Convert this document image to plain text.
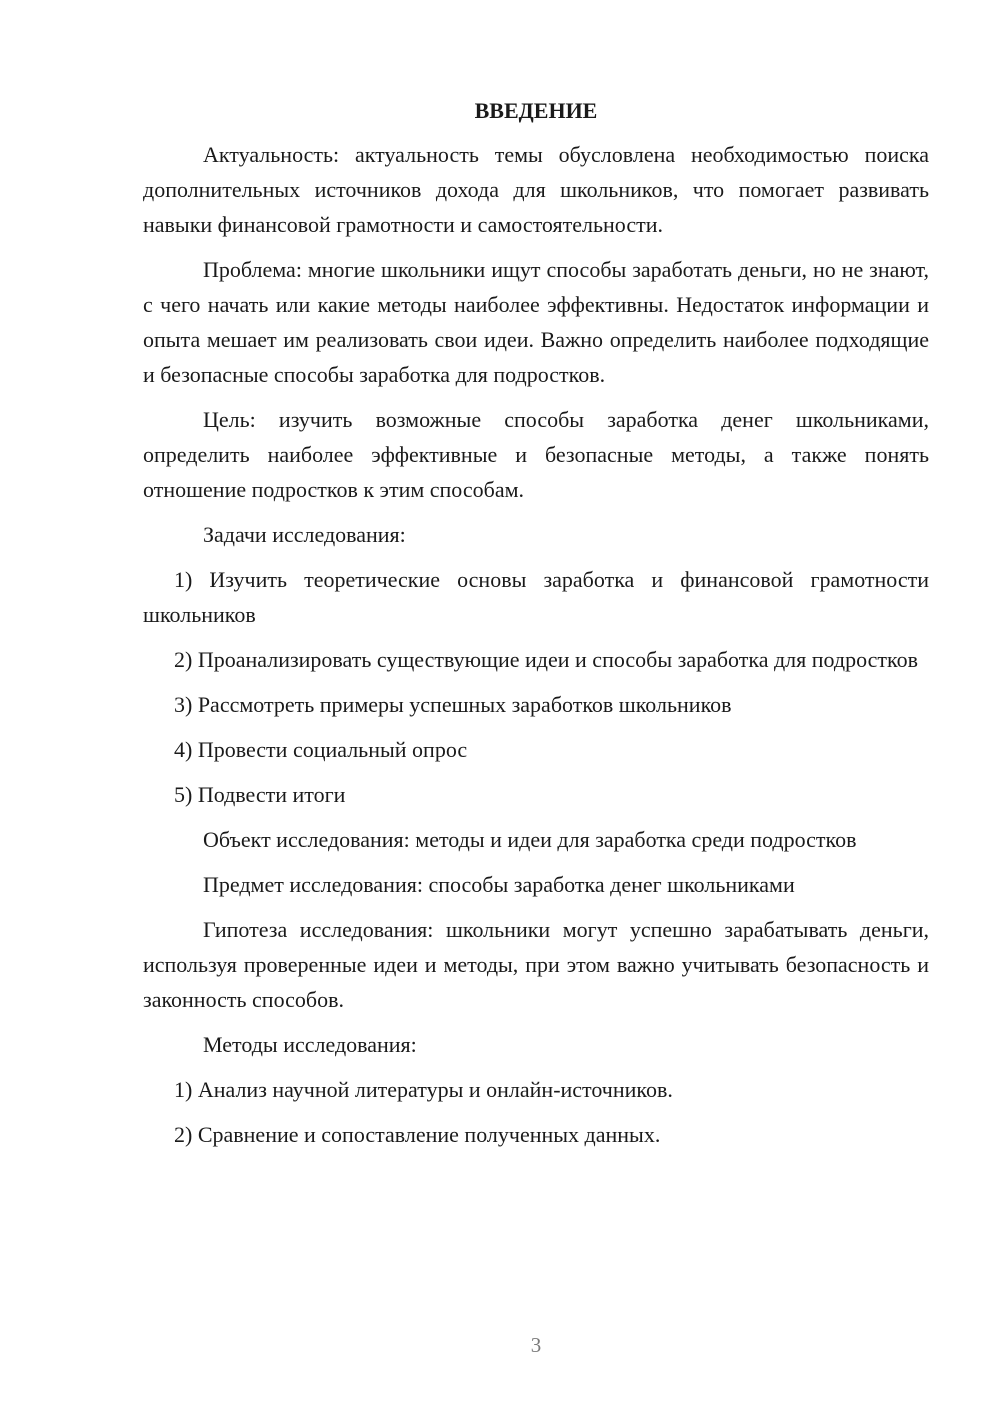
ВВЕДЕНИЕ

Актуальность: актуальность темы обусловлена необходимостью поиска дополнительных источников дохода для школьников, что помогает развивать навыки финансовой грамотности и самостоятельности.

Проблема: многие школьники ищут способы заработать деньги, но не знают, с чего начать или какие методы наиболее эффективны. Недостаток информации и опыта мешает им реализовать свои идеи. Важно определить наиболее подходящие и безопасные способы заработка для подростков.

Цель: изучить возможные способы заработка денег школьниками, определить наиболее эффективные и безопасные методы, а также понять отношение подростков к этим способам.

Задачи исследования:

1) Изучить теоретические основы заработка и финансовой грамотности школьников

2) Проанализировать существующие идеи и способы заработка для подростков

3) Рассмотреть примеры успешных заработков школьников

4) Провести социальный опрос

5) Подвести итоги

Объект исследования: методы и идеи для заработка среди подростков

Предмет исследования: способы заработка денег школьниками

Гипотеза исследования: школьники могут успешно зарабатывать деньги, используя проверенные идеи и методы, при этом важно учитывать безопасность и законность способов.

Методы исследования:

1) Анализ научной литературы и онлайн-источников.

2) Сравнение и сопоставление полученных данных.

3
